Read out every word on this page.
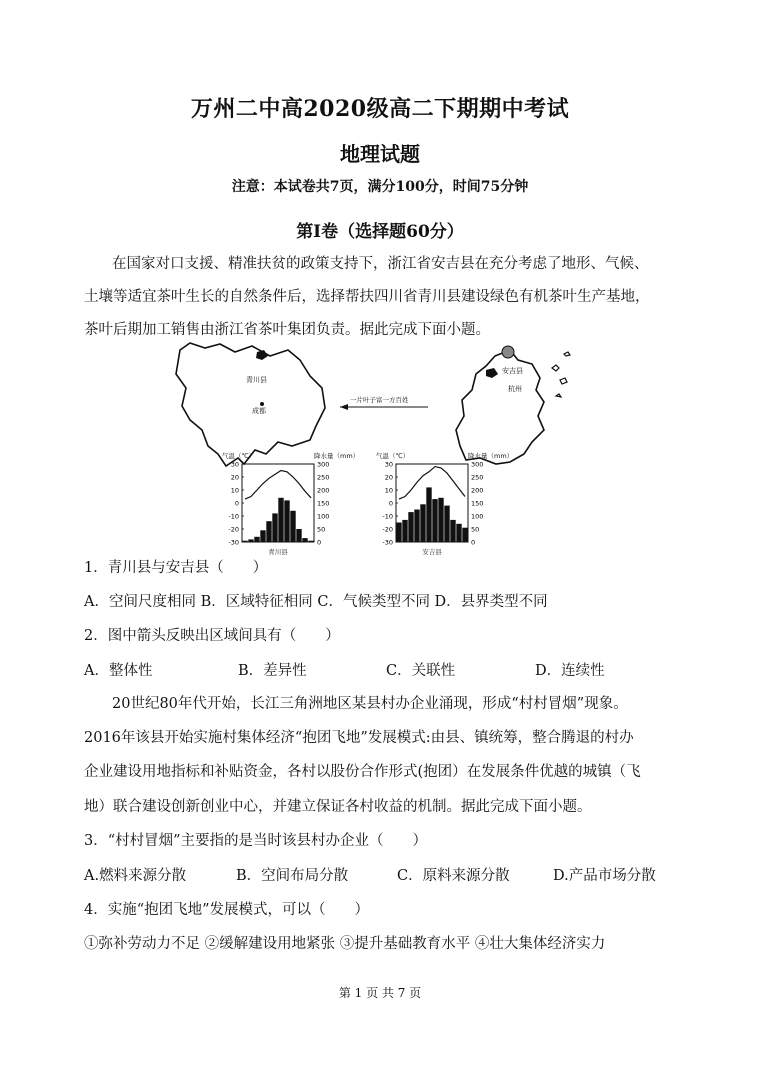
万州二中高2020级高二下期期中考试
地理试题
注意：本试卷共7页，满分100分，时间75分钟
第Ⅰ卷（选择题60分）
在国家对口支援、精准扶贫的政策支持下，浙江省安吉县在充分考虑了地形、气候、
土壤等适宜茶叶生长的自然条件后，选择帮扶四川省青川县建设绿色有机茶叶生产基地，
茶叶后期加工销售由浙江省茶叶集团负责。据此完成下面小题。
青川县
成都
安吉县
杭州
一片叶子富一方百姓
气温（℃）	降水量（mm）
30
20
10
0
-10
-20
-30
300
250
200
150
100
50
0
青川县
气温（℃）	降水量（mm）
30
20
10
0
-10
-20
-30
300
250
200
150
100
50
0
安吉县
1．青川县与安吉县（　　）
A．空间尺度相同 B．区域特征相同 C．气候类型不同 D．县界类型不同
2．图中箭头反映出区域间具有（　　）
A．整体性	B．差异性	C．关联性	D．连续性
20世纪80年代开始，长江三角洲地区某县村办企业涌现，形成“村村冒烟”现象。
2016年该县开始实施村集体经济“抱团飞地”发展模式:由县、镇统筹，整合腾退的村办
企业建设用地指标和补贴资金，各村以股份合作形式(抱团）在发展条件优越的城镇（飞
地）联合建设创新创业中心，并建立保证各村收益的机制。据此完成下面小题。
3．“村村冒烟”主要指的是当时该县村办企业（　　）
A.燃料来源分散	B．空间布局分散	C．原料来源分散	D.产品市场分散
4．实施“抱团飞地”发展模式，可以（　　）
①弥补劳动力不足 ②缓解建设用地紧张 ③提升基础教育水平 ④壮大集体经济实力
第 1 页 共 7 页
